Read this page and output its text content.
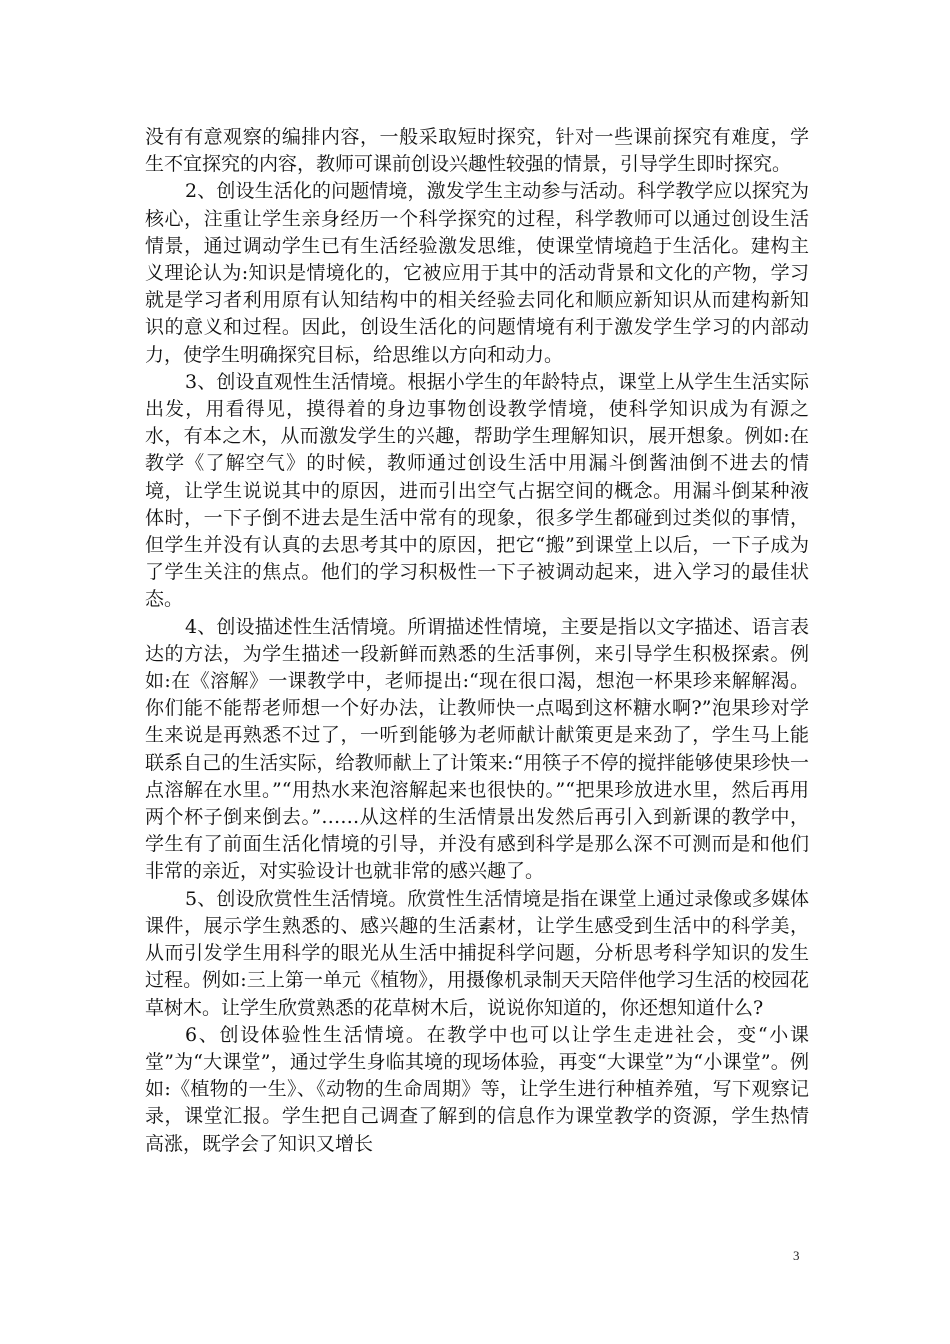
没有有意观察的编排内容，一般采取短时探究，针对一些课前探究有难度，学生不宜探究的内容，教师可课前创设兴趣性较强的情景，引导学生即时探究。

2、创设生活化的问题情境，激发学生主动参与活动。科学教学应以探究为核心，注重让学生亲身经历一个科学探究的过程，科学教师可以通过创设生活情景，通过调动学生已有生活经验激发思维，使课堂情境趋于生活化。建构主义理论认为:知识是情境化的，它被应用于其中的活动背景和文化的产物，学习就是学习者利用原有认知结构中的相关经验去同化和顺应新知识从而建构新知识的意义和过程。因此，创设生活化的问题情境有利于激发学生学习的内部动力，使学生明确探究目标，给思维以方向和动力。

3、创设直观性生活情境。根据小学生的年龄特点，课堂上从学生生活实际出发，用看得见，摸得着的身边事物创设教学情境，使科学知识成为有源之水，有本之木，从而激发学生的兴趣，帮助学生理解知识，展开想象。例如:在教学《了解空气》的时候，教师通过创设生活中用漏斗倒酱油倒不进去的情境，让学生说说其中的原因，进而引出空气占据空间的概念。用漏斗倒某种液体时，一下子倒不进去是生活中常有的现象，很多学生都碰到过类似的事情，但学生并没有认真的去思考其中的原因，把它“搬”到课堂上以后，一下子成为了学生关注的焦点。他们的学习积极性一下子被调动起来，进入学习的最佳状态。

4、创设描述性生活情境。所谓描述性情境，主要是指以文字描述、语言表达的方法，为学生描述一段新鲜而熟悉的生活事例，来引导学生积极探索。例如:在《溶解》一课教学中，老师提出:“现在很口渴，想泡一杯果珍来解解渴。你们能不能帮老师想一个好办法，让教师快一点喝到这杯糖水啊?”泡果珍对学生来说是再熟悉不过了，一听到能够为老师献计献策更是来劲了，学生马上能联系自己的生活实际，给教师献上了计策来:“用筷子不停的搅拌能够使果珍快一点溶解在水里。”“用热水来泡溶解起来也很快的。”“把果珍放进水里，然后再用两个杯子倒来倒去。”……从这样的生活情景出发然后再引入到新课的教学中，学生有了前面生活化情境的引导，并没有感到科学是那么深不可测而是和他们非常的亲近，对实验设计也就非常的感兴趣了。

5、创设欣赏性生活情境。欣赏性生活情境是指在课堂上通过录像或多媒体课件，展示学生熟悉的、感兴趣的生活素材，让学生感受到生活中的科学美，从而引发学生用科学的眼光从生活中捕捉科学问题，分析思考科学知识的发生过程。例如:三上第一单元《植物》，用摄像机录制天天陪伴他学习生活的校园花草树木。让学生欣赏熟悉的花草树木后，说说你知道的，你还想知道什么?

6、创设体验性生活情境。在教学中也可以让学生走进社会，变“小课堂”为“大课堂”，通过学生身临其境的现场体验，再变“大课堂”为“小课堂”。例如:《植物的一生》、《动物的生命周期》等，让学生进行种植养殖，写下观察记录，课堂汇报。学生把自己调查了解到的信息作为课堂教学的资源，学生热情高涨，既学会了知识又增长

3
